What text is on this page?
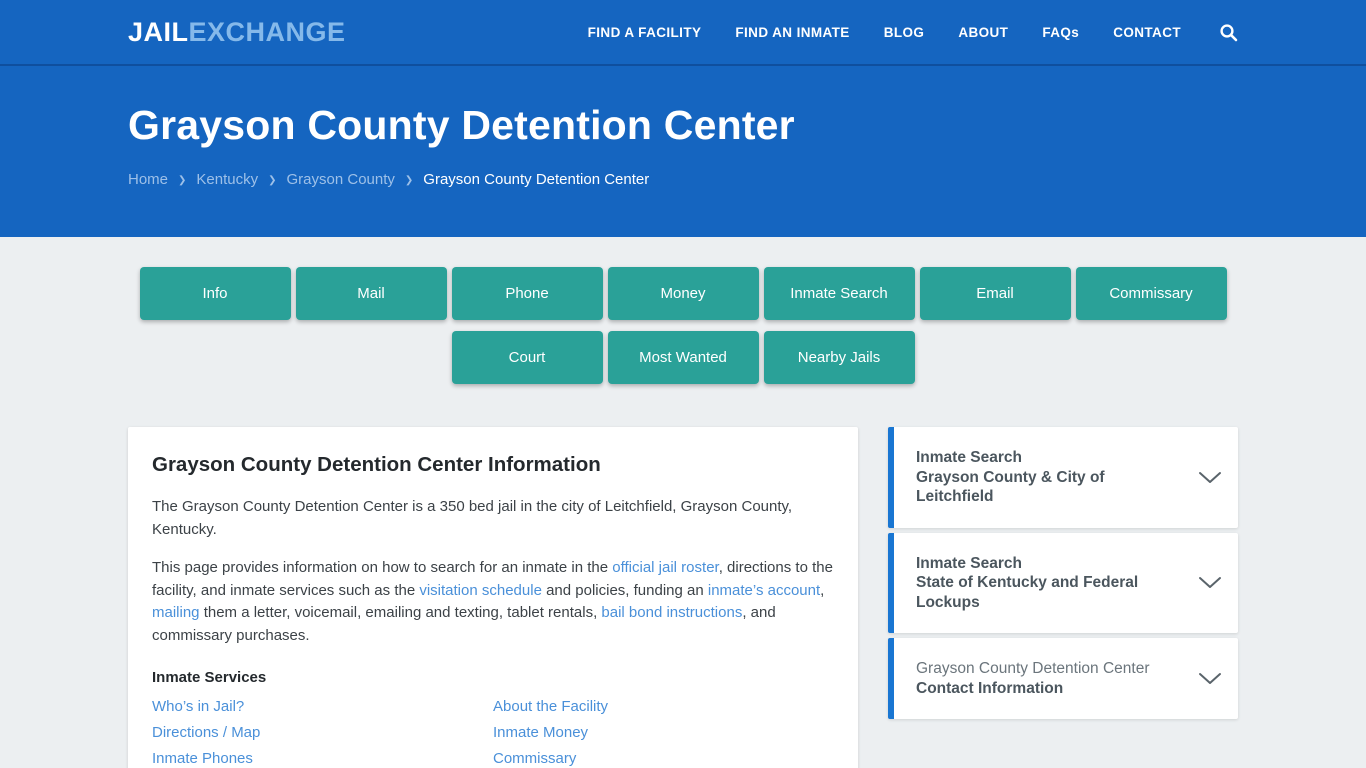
JAILEXCHANGE	FIND A FACILITY	FIND AN INMATE	BLOG	ABOUT	FAQs	CONTACT
Grayson County Detention Center
Home ❯ Kentucky ❯ Grayson County ❯ Grayson County Detention Center
Info	Mail	Phone	Money	Inmate Search	Email	Commissary
Court	Most Wanted	Nearby Jails
Grayson County Detention Center Information

The Grayson County Detention Center is a 350 bed jail in the city of Leitchfield, Grayson County, Kentucky.

This page provides information on how to search for an inmate in the official jail roster, directions to the facility, and inmate services such as the visitation schedule and policies, funding an inmate’s account, mailing them a letter, voicemail, emailing and texting, tablet rentals, bail bond instructions, and commissary purchases.

Inmate Services
Who’s in Jail?
Directions / Map
Inmate Phones
About the Facility
Inmate Money
Commissary
Inmate Search
Grayson County & City of Leitchfield
Inmate Search
State of Kentucky and Federal Lockups
Grayson County Detention Center
Contact Information
